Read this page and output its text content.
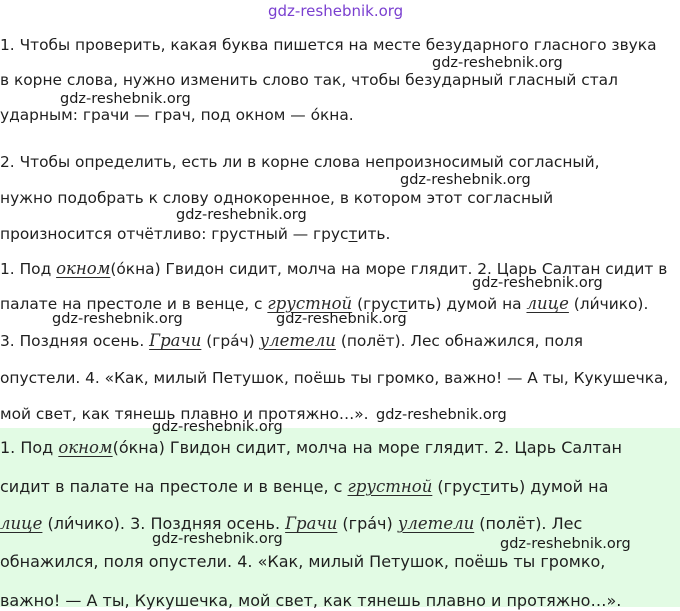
gdz-reshebnik.org
1. Чтобы проверить, какая буква пишется на месте безударного гласного звука
в корне слова, нужно изменить слово так, чтобы безударный гласный стал
ударным: грачи — грач, под окном — о́кна.
2. Чтобы определить, есть ли в корне слова непроизносимый согласный,
нужно подобрать к слову однокоренное, в котором этот согласный
произносится отчётливо: грустный — грустить.
1. Под окном(о́кна) Гвидон сидит, молча на море глядит. 2. Царь Салтан сидит в
палате на престоле и в венце, с грустной (грустить) думой на лице (ли́чико).
3. Поздняя осень. Грачи (гра́ч) улетели (полёт). Лес обнажился, поля
опустели. 4. «Как, милый Петушок, поёшь ты громко, важно! — А ты, Кукушечка,
мой свет, как тянешь плавно и протяжно…».
1. Под окном(о́кна) Гвидон сидит, молча на море глядит. 2. Царь Салтан
сидит в палате на престоле и в венце, с грустной (грустить) думой на
лице (ли́чико). 3. Поздняя осень. Грачи (гра́ч) улетели (полёт). Лес
обнажился, поля опустели. 4. «Как, милый Петушок, поёшь ты громко,
важно! — А ты, Кукушечка, мой свет, как тянешь плавно и протяжно…».
gdz-reshebnik.org
gdz-reshebnik.org
gdz-reshebnik.org
gdz-reshebnik.org
gdz-reshebnik.org
gdz-reshebnik.org	gdz-reshebnik.org
gdz-reshebnik.org
gdz-reshebnik.org
gdz-reshebnik.org	gdz-reshebnik.org
